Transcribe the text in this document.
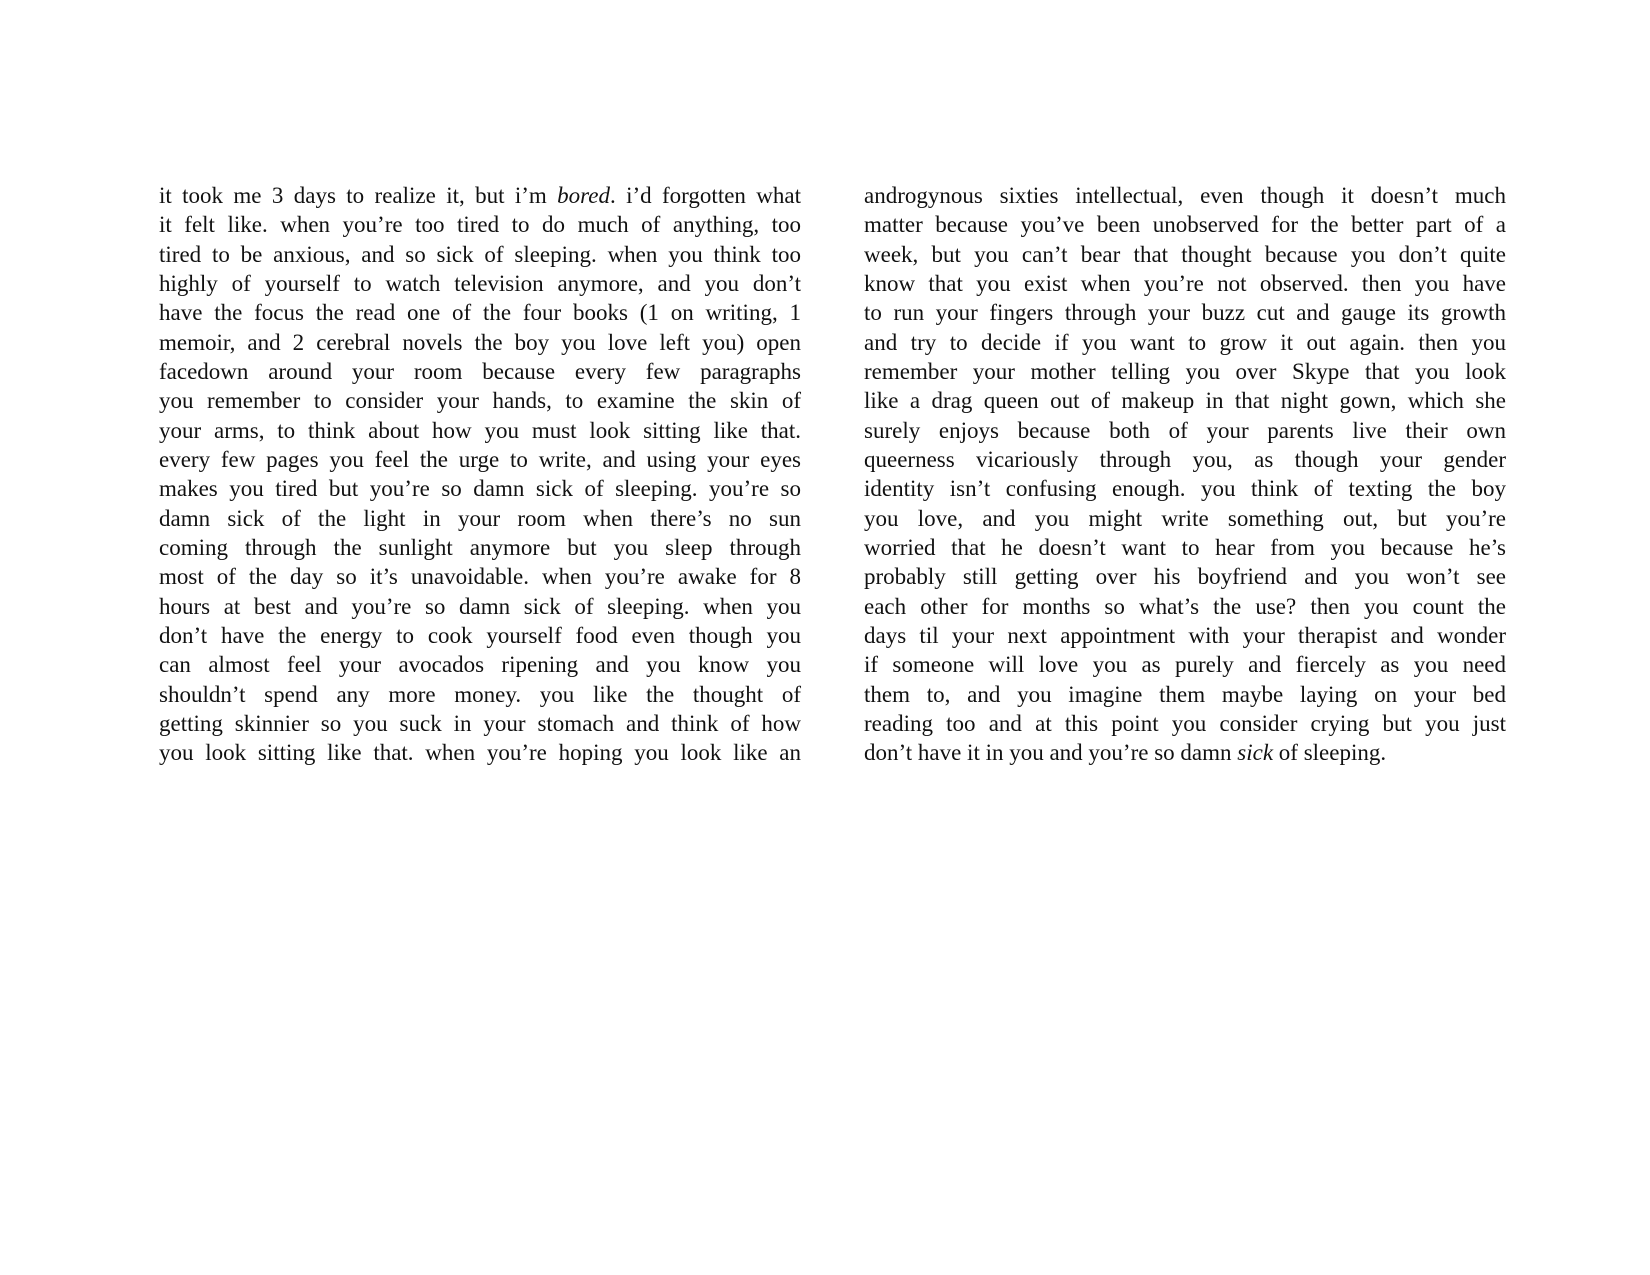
it took me 3 days to realize it, but i’m bored. i’d forgotten what
it felt like. when you’re too tired to do much of anything, too
tired to be anxious, and so sick of sleeping. when you think too
highly of yourself to watch television anymore, and you don’t
have the focus the read one of the four books (1 on writing, 1
memoir, and 2 cerebral novels the boy you love left you) open
facedown around your room because every few paragraphs
you remember to consider your hands, to examine the skin of
your arms, to think about how you must look sitting like that.
every few pages you feel the urge to write, and using your eyes
makes you tired but you’re so damn sick of sleeping. you’re so
damn sick of the light in your room when there’s no sun
coming through the sunlight anymore but you sleep through
most of the day so it’s unavoidable. when you’re awake for 8
hours at best and you’re so damn sick of sleeping. when you
don’t have the energy to cook yourself food even though you
can almost feel your avocados ripening and you know you
shouldn’t spend any more money. you like the thought of
getting skinnier so you suck in your stomach and think of how
you look sitting like that. when you’re hoping you look like an
androgynous sixties intellectual, even though it doesn’t much
matter because you’ve been unobserved for the better part of a
week, but you can’t bear that thought because you don’t quite
know that you exist when you’re not observed. then you have
to run your fingers through your buzz cut and gauge its growth
and try to decide if you want to grow it out again. then you
remember your mother telling you over Skype that you look
like a drag queen out of makeup in that night gown, which she
surely enjoys because both of your parents live their own
queerness vicariously through you, as though your gender
identity isn’t confusing enough. you think of texting the boy
you love, and you might write something out, but you’re
worried that he doesn’t want to hear from you because he’s
probably still getting over his boyfriend and you won’t see
each other for months so what’s the use? then you count the
days til your next appointment with your therapist and wonder
if someone will love you as purely and fiercely as you need
them to, and you imagine them maybe laying on your bed
reading too and at this point you consider crying but you just
don’t have it in you and you’re so damn sick of sleeping.
